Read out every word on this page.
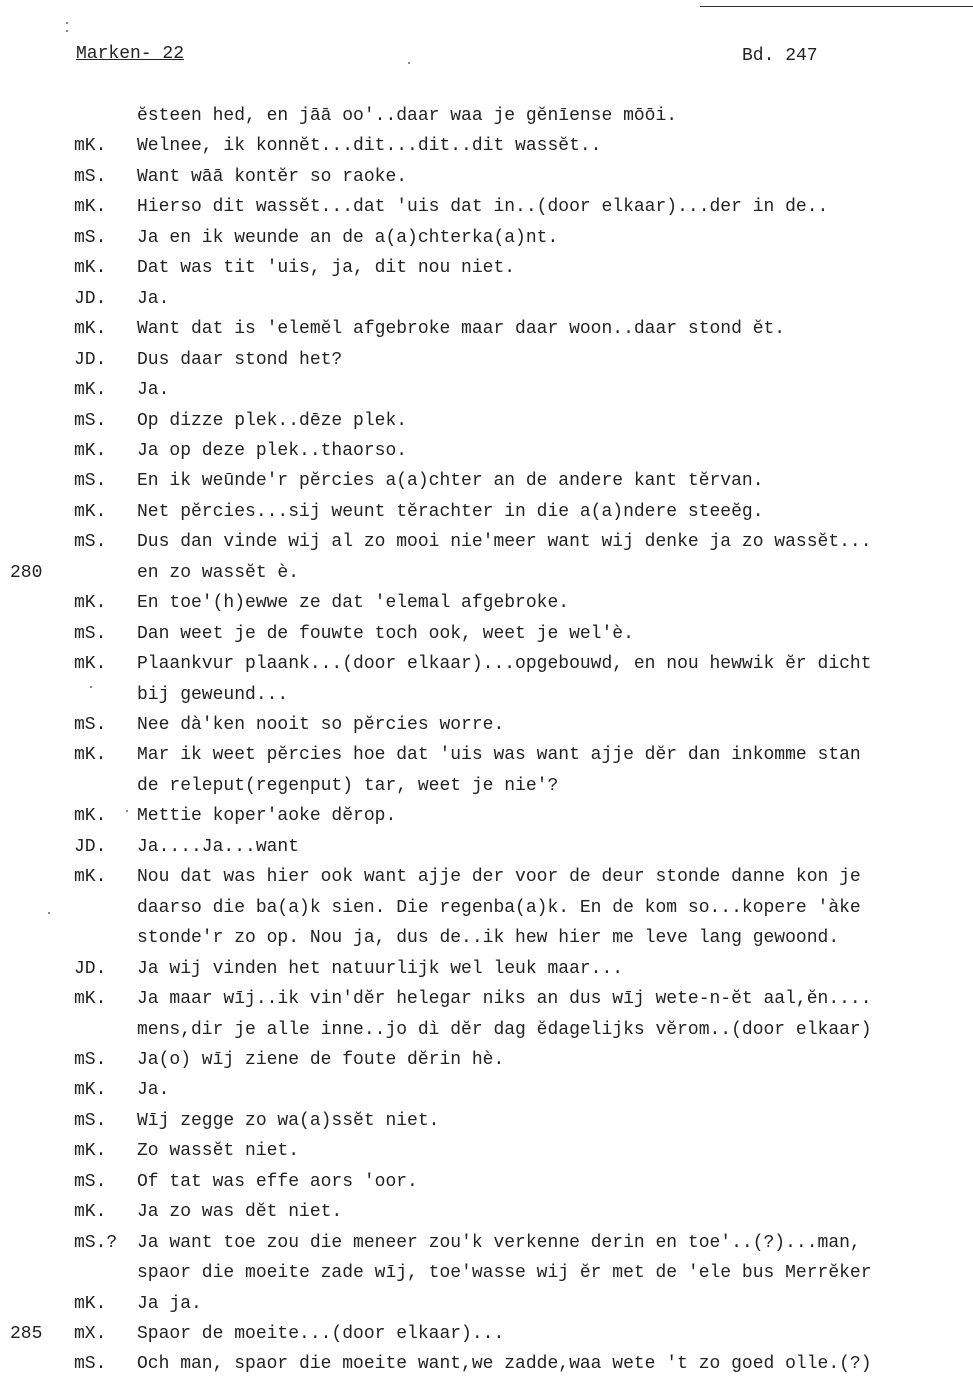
Marken- 22	Bd. 247
ĕsteen hed, en jāā oo'..daar waa je gĕnīense mōōi.
mK.	Welnee, ik konnĕt...dit...dit..dit wassĕt..
mS.	Want wāā kontĕr so raoke.
mK.	Hierso dit wassĕt...dat 'uis dat in..(door elkaar)...der in de..
mS.	Ja en ik weunde an de a(a)chterka(a)nt.
mK.	Dat was tit 'uis, ja, dit nou niet.
JD.	Ja.
mK.	Want dat is 'elemĕl afgebroke maar daar woon..daar stond ĕt.
JD.	Dus daar stond het?
mK.	Ja.
mS.	Op dizze plek..dēze plek.
mK.	Ja op deze plek..thaorso.
mS.	En ik weūnde'r pĕrcies a(a)chter an de andere kant tĕrvan.
mK.	Net pĕrcies...sij weunt tĕrachter in die a(a)ndere steeĕg.
mS.	Dus dan vinde wij al zo mooi nie'meer want wij denke ja zo wassĕt...
280	en zo wassĕt è.
mK.	En toe'(h)ewwe ze dat 'elemal afgebroke.
mS.	Dan weet je de fouwte toch ook, weet je wel'è.
mK.	Plaankvur plaank...(door elkaar)...opgebouwd, en nou hewwik ĕr dicht
bij geweund...
mS.	Nee dà'ken nooit so pĕrcies worre.
mK.	Mar ik weet pĕrcies hoe dat 'uis was want ajje dĕr dan inkomme stan
de releput(regenput) tar, weet je nie'?
mK.	Mettie koper'aoke dĕrop.
JD.	Ja....Ja...want
mK.	Nou dat was hier ook want ajje der voor de deur stonde danne kon je
daarso die ba(a)k sien. Die regenba(a)k. En de kom so...kopere 'àke
stonde'r zo op. Nou ja, dus de..ik hew hier me leve lang gewoond.
JD.	Ja wij vinden het natuurlijk wel leuk maar...
mK.	Ja maar wīj..ik vin'dĕr helegar niks an dus wīj wete-n-ĕt aal,ĕn....
mens,dir je alle inne..jo dì dĕr dag ĕdagelijks vĕrom..(door elkaar)
mS.	Ja(o) wīj ziene de foute dĕrin hè.
mK.	Ja.
mS.	Wīj zegge zo wa(a)ssĕt niet.
mK.	Zo wassĕt niet.
mS.	Of tat was effe aors 'oor.
mK.	Ja zo was dĕt niet.
mS.?	Ja want toe zou die meneer zou'k verkenne derin en toe'..(?)...man,
spaor die moeite zade wīj, toe'wasse wij ĕr met de 'ele bus Merrĕker
mK.	Ja ja.
285	mX.	Spaor de moeite...(door elkaar)...
mS.	Och man, spaor die moeite want,we zadde,waa wete 't zo goed olle.(?)
